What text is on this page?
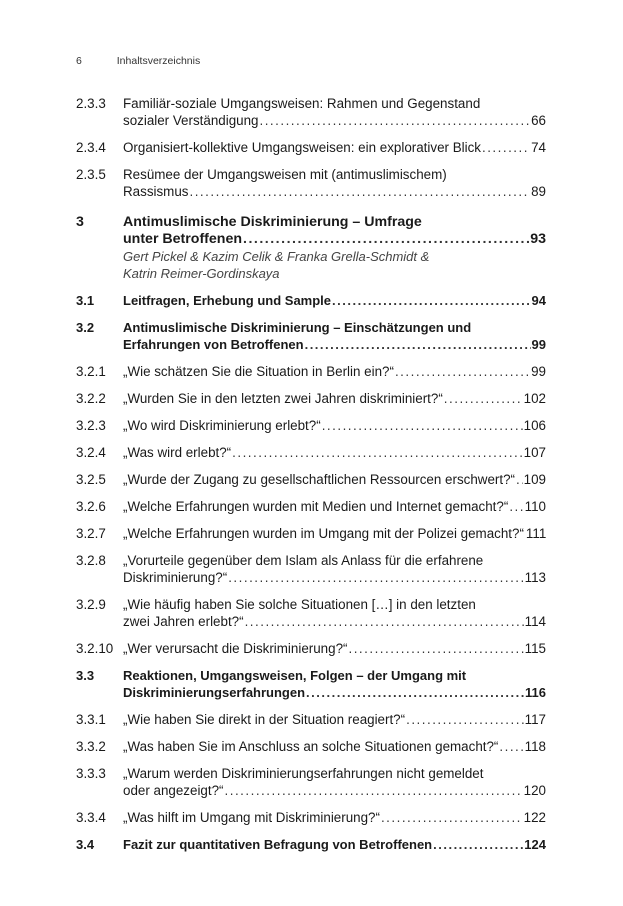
6	Inhaltsverzeichnis
2.3.3	Familiär-soziale Umgangsweisen: Rahmen und Gegenstand
sozialer Verständigung .....	66
2.3.4	Organisiert-kollektive Umgangsweisen: ein explorativer Blick .....	74
2.3.5	Resümee der Umgangsweisen mit (antimuslimischem)
Rassismus .....	89
3	Antimuslimische Diskriminierung – Umfrage
unter Betroffenen .....	93
Gert Pickel & Kazim Celik & Franka Grella-Schmidt &
Katrin Reimer-Gordinskaya
3.1	Leitfragen, Erhebung und Sample .....	94
3.2	Antimuslimische Diskriminierung – Einschätzungen und
Erfahrungen von Betroffenen .....	99
3.2.1	„Wie schätzen Sie die Situation in Berlin ein?“ .....	99
3.2.2	„Wurden Sie in den letzten zwei Jahren diskriminiert?“ .....	102
3.2.3	„Wo wird Diskriminierung erlebt?“ .....	106
3.2.4	„Was wird erlebt?“ .....	107
3.2.5	„Wurde der Zugang zu gesellschaftlichen Ressourcen erschwert?“ ..... 109
3.2.6	„Welche Erfahrungen wurden mit Medien und Internet gemacht?“ ..... 110
3.2.7	„Welche Erfahrungen wurden im Umgang mit der Polizei gemacht?“ 111
3.2.8	„Vorurteile gegenüber dem Islam als Anlass für die erfahrene
Diskriminierung?“ .....	113
3.2.9	„Wie häufig haben Sie solche Situationen […] in den letzten
zwei Jahren erlebt?“ .....	114
3.2.10 „Wer verursacht die Diskriminierung?“ .....	115
3.3	Reaktionen, Umgangsweisen, Folgen – der Umgang mit
Diskriminierungserfahrungen .....	116
3.3.1	„Wie haben Sie direkt in der Situation reagiert?“ .....	117
3.3.2	„Was haben Sie im Anschluss an solche Situationen gemacht?“ ..... 118
3.3.3	„Warum werden Diskriminierungserfahrungen nicht gemeldet
oder angezeigt?“ .....	120
3.3.4	„Was hilft im Umgang mit Diskriminierung?“ .....	122
3.4	Fazit zur quantitativen Befragung von Betroffenen .....	124
